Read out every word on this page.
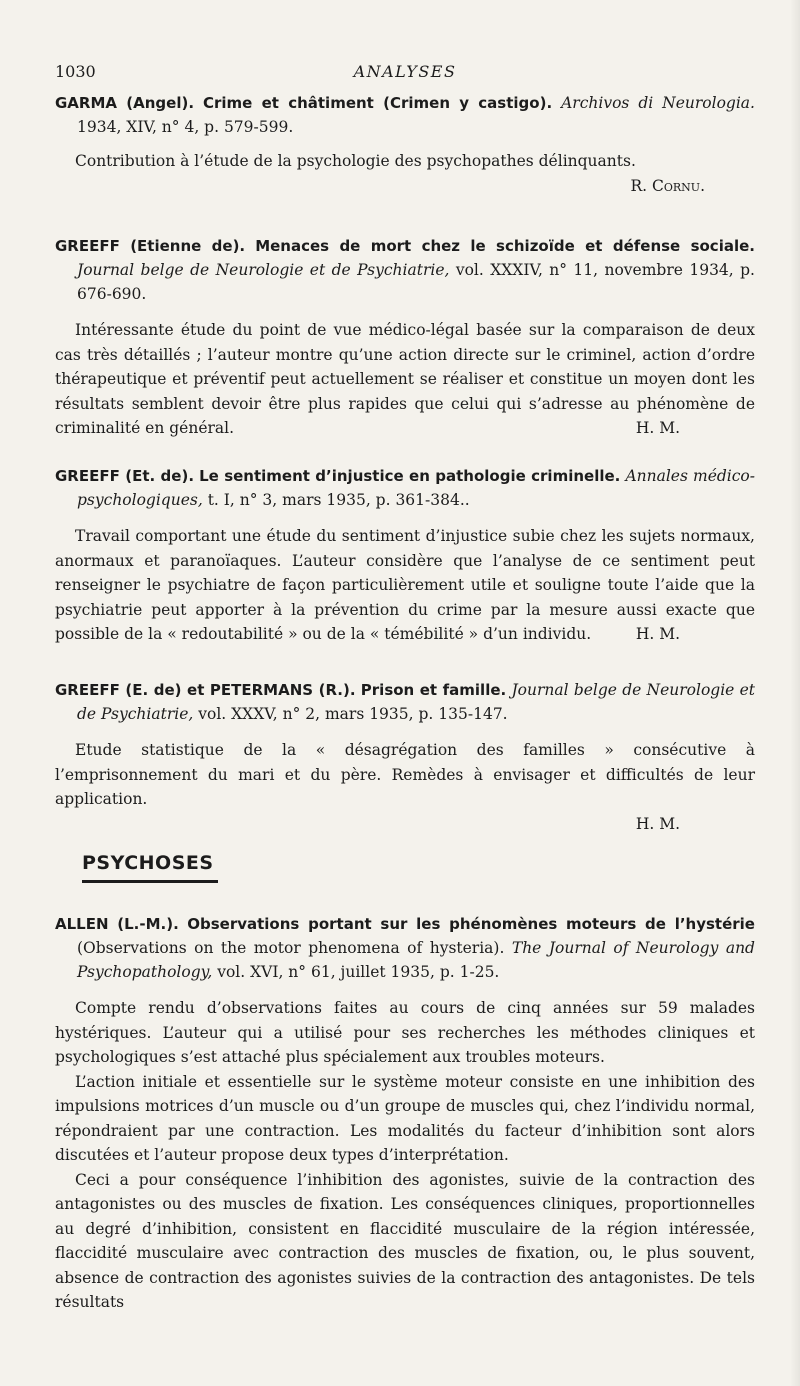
1030	ANALYSES
GARMA (Angel). Crime et châtiment (Crimen y castigo). Archivos di Neurologia. 1934, XIV, n° 4, p. 579-599.

Contribution à l’étude de la psychologie des psychopathes délinquants.

R. Cornu.
GREEFF (Etienne de). Menaces de mort chez le schizoïde et défense sociale. Journal belge de Neurologie et de Psychiatrie, vol. XXXIV, n° 11, novembre 1934, p. 676-690.

Intéressante étude du point de vue médico-légal basée sur la comparaison de deux cas très détaillés ; l’auteur montre qu’une action directe sur le criminel, action d’ordre thérapeutique et préventif peut actuellement se réaliser et constitue un moyen dont les résultats semblent devoir être plus rapides que celui qui s’adresse au phénomène de criminalité en général.	H. M.

GREEFF (Et. de). Le sentiment d’injustice en pathologie criminelle. Annales médico-psychologiques, t. I, n° 3, mars 1935, p. 361-384..

Travail comportant une étude du sentiment d’injustice subie chez les sujets normaux, anormaux et paranoïaques. L’auteur considère que l’analyse de ce sentiment peut renseigner le psychiatre de façon particulièrement utile et souligne toute l’aide que la psychiatrie peut apporter à la prévention du crime par la mesure aussi exacte que possible de la « redoutabilité » ou de la « témébilité » d’un individu.	H. M.

GREEFF (E. de) et PETERMANS (R.). Prison et famille. Journal belge de Neurologie et de Psychiatrie, vol. XXXV, n° 2, mars 1935, p. 135-147.

Etude statistique de la « désagrégation des familles » consécutive à l’emprisonnement du mari et du père. Remèdes à envisager et difficultés de leur application.

H. M.
PSYCHOSES
ALLEN (L.-M.). Observations portant sur les phénomènes moteurs de l’hystérie (Observations on the motor phenomena of hysteria). The Journal of Neurology and Psychopathology, vol. XVI, n° 61, juillet 1935, p. 1-25.

Compte rendu d’observations faites au cours de cinq années sur 59 malades hystériques. L’auteur qui a utilisé pour ses recherches les méthodes cliniques et psychologiques s’est attaché plus spécialement aux troubles moteurs.

L’action initiale et essentielle sur le système moteur consiste en une inhibition des impulsions motrices d’un muscle ou d’un groupe de muscles qui, chez l’individu normal, répondraient par une contraction. Les modalités du facteur d’inhibition sont alors discutées et l’auteur propose deux types d’interprétation.

Ceci a pour conséquence l’inhibition des agonistes, suivie de la contraction des antagonistes ou des muscles de fixation. Les conséquences cliniques, proportionnelles au degré d’inhibition, consistent en flaccidité musculaire de la région intéressée, flaccidité musculaire avec contraction des muscles de fixation, ou, le plus souvent, absence de contraction des agonistes suivies de la contraction des antagonistes. De tels résultats
